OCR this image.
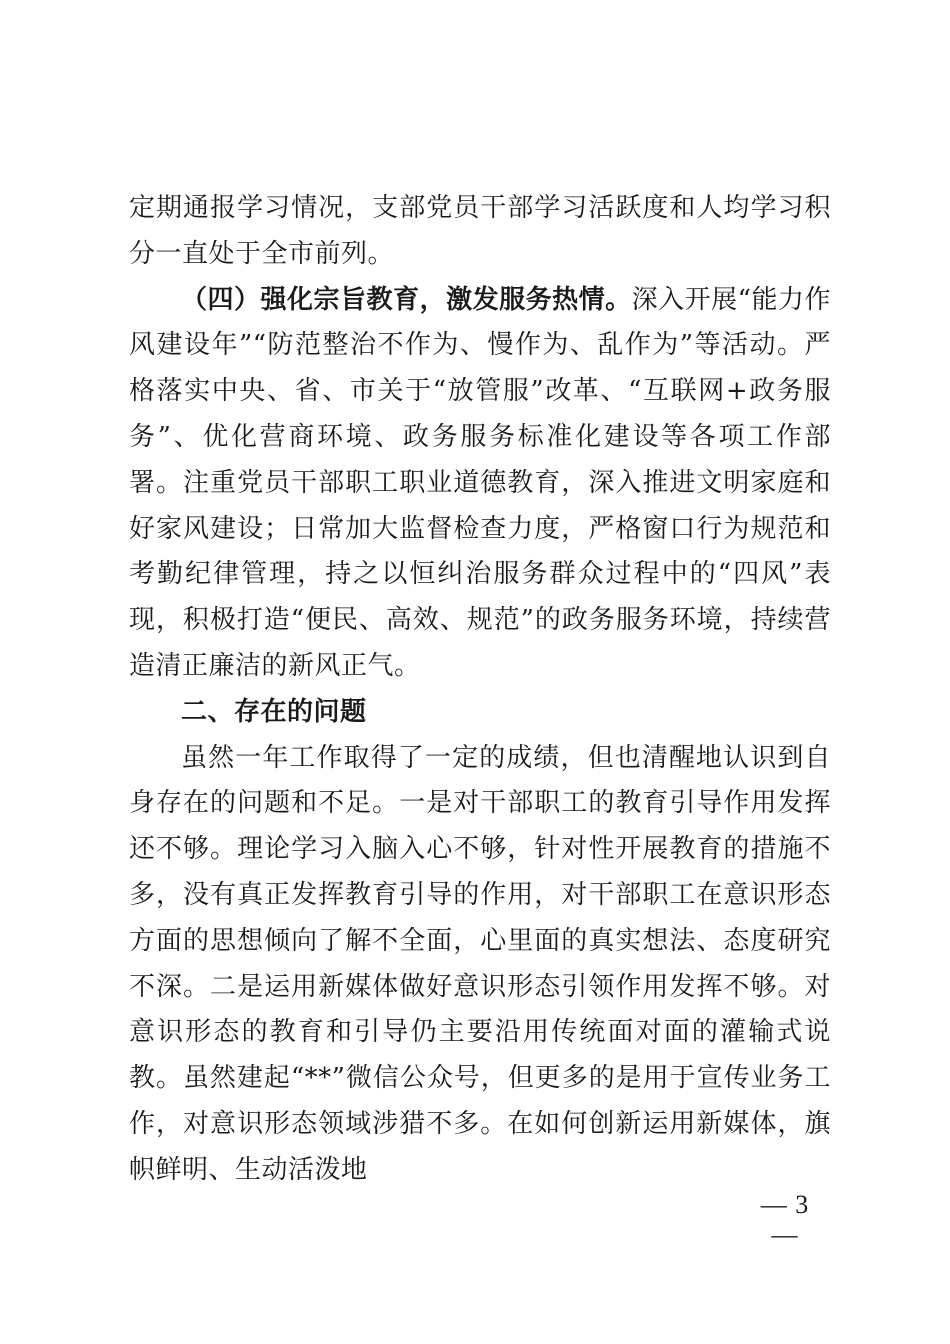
定期通报学习情况，支部党员干部学习活跃度和人均学习积分一直处于全市前列。

（四）强化宗旨教育，激发服务热情。深入开展“能力作风建设年”“防范整治不作为、慢作为、乱作为”等活动。严格落实中央、省、市关于“放管服”改革、“互联网+政务服务”、优化营商环境、政务服务标准化建设等各项工作部署。注重党员干部职工职业道德教育，深入推进文明家庭和好家风建设；日常加大监督检查力度，严格窗口行为规范和考勤纪律管理，持之以恒纠治服务群众过程中的“四风”表现，积极打造“便民、高效、规范”的政务服务环境，持续营造清正廉洁的新风正气。

二、存在的问题

虽然一年工作取得了一定的成绩，但也清醒地认识到自身存在的问题和不足。一是对干部职工的教育引导作用发挥还不够。理论学习入脑入心不够，针对性开展教育的措施不多，没有真正发挥教育引导的作用，对干部职工在意识形态方面的思想倾向了解不全面，心里面的真实想法、态度研究不深。二是运用新媒体做好意识形态引领作用发挥不够。对意识形态的教育和引导仍主要沿用传统面对面的灌输式说教。虽然建起“**”微信公众号，但更多的是用于宣传业务工作，对意识形态领域涉猎不多。在如何创新运用新媒体，旗帜鲜明、生动活泼地

— 3 —
